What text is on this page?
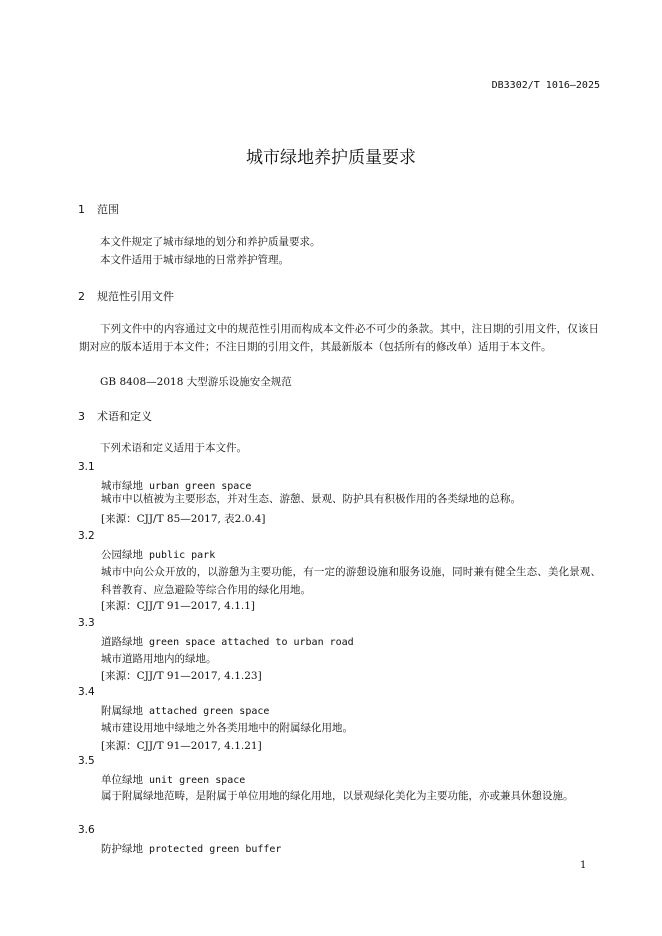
DB3302/T 1016—2025
城市绿地养护质量要求
1 范围
本文件规定了城市绿地的划分和养护质量要求。
本文件适用于城市绿地的日常养护管理。
2 规范性引用文件
下列文件中的内容通过文中的规范性引用而构成本文件必不可少的条款。其中，注日期的引用文件，仅该日期对应的版本适用于本文件；不注日期的引用文件，其最新版本（包括所有的修改单）适用于本文件。
GB 8408—2018 大型游乐设施安全规范
3 术语和定义
下列术语和定义适用于本文件。
3.1
城市绿地 urban green space
城市中以植被为主要形态，并对生态、游憩、景观、防护具有积极作用的各类绿地的总称。
[来源：CJJ/T 85—2017, 表2.0.4]
3.2
公园绿地 public park
城市中向公众开放的，以游憩为主要功能，有一定的游憩设施和服务设施，同时兼有健全生态、美化景观、科普教育、应急避险等综合作用的绿化用地。
[来源：CJJ/T 91—2017, 4.1.1]
3.3
道路绿地 green space attached to urban road
城市道路用地内的绿地。
[来源：CJJ/T 91—2017, 4.1.23]
3.4
附属绿地 attached green space
城市建设用地中绿地之外各类用地中的附属绿化用地。
[来源：CJJ/T 91—2017, 4.1.21]
3.5
单位绿地 unit green space
属于附属绿地范畴，是附属于单位用地的绿化用地，以景观绿化美化为主要功能，亦或兼具休憩设施。
3.6
防护绿地 protected green buffer
1
